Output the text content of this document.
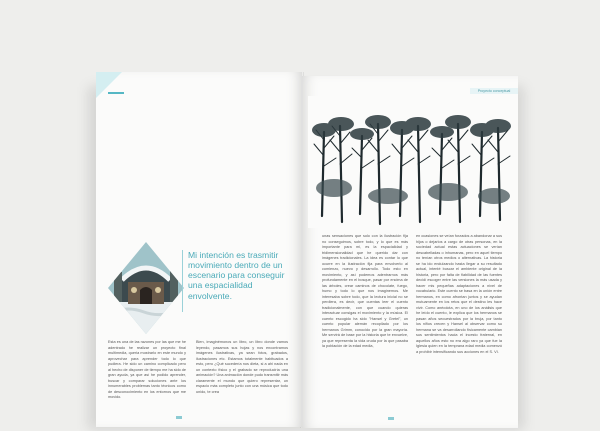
Mi intención es trasmitir movimiento dentro de un escenario para conseguir una espacialidad envolvente.
Esta es una de las razones por las que me he adentrado he realizar un proyecto final multimedia, queria mostrarlo en este mundo y aprovechar para aprender todo lo que pudiera. He sido un camino complicado pero al hecho de disponer de tiempo me ha sido de gran ayuda, ya que así he podido aprender, buscar y comparar soluciones ante los innumerables problemas tanto técnicos como de desconocimiento en los entornos que me movido.
Bien, imaginémonos un libro, un libro donde vamos leyendo, pasamos sus hojas y nos encontramos imágenes ilustrativas, ya sean fotos, grabados, ilustraciones etc. Estamos totalmente habituados a esto, pero ¿Qué sucedería nos dieta, si a ahi nada en un contexto físico y el grabado se reproduciría una animación? Una animación donde pudo transmitir más claramente el mundo que quiero representar, un espacio más completo junto con una música que todo unido, te crea
Proyecto conceptual
unas sensaciones que solo con la ilustración fija no conseguimos, sobre todo, y lo que es más importante para mi, es la espacialidad y tridimensionalidad que he querido dar con imágenes tradicionales. La idea es contar lo que ocurre en la ilustración fija para envolverlo al comienzo, nuevo y desarrollo. Todo esto en movimiento, y así podemos adentrarnos más profundamente en el bosque, pasar por encima de las árboles, crear caminos de chocolate, fuego, humo y todo lo que nos imaginemos. Me interesaba sobre todo, que la lectura inicial no se perdiera, es decir, que cuentas leer el cuento tradicionalmente, con que cuando quieras interactuar consigas el movimiento y la música. El cuento escogido ha sido "Hansel y Gretel", un cuento popular alemán recopilado por los hermanos Grimm, conocido por la gran mayoría. Me servirá de base por la historia que te envuelve, ya que representa la vida cruda por la que pasaba la población de la edad media,
en ocasiones se veían forzados a abandonar a sus hijos o dejarlos a cargo de otras personas, en la sociedad actual estas actuaciones se verían descabelladas o inhumanas, pero en aquel tiempo no tenían otros medios o alternativas. La historia se ha ido endulzando hasta llegar a su resultado actual, intenté buscar el ambiente original de la historia, pero por falta de fiabilidad de las fuentes decidí escoger entre las versiones la más usada y hacer mis pequeñas adaptaciones a nivel de vocabulario. Este cuento se basa en la unión entre hermanos, en como afrontan juntos y se ayudan mutuamente en los retos que el destino les hace vivir. Como anécdota, en uno de los análisis que he leído el cuento, le explica que los hermanos se pasan años secuestrados por la bruja, por tanto los niños crecen y Hansel al observar como su hermana se va desarrollando físicamente cambian sus sentimientos hacia el incesto fraternal, en aquellos años esto no era algo raro ya que fue la Iglesia quien en la temprana edad media comenzó a prohibir intensificando sus acciones en el S. VI.
